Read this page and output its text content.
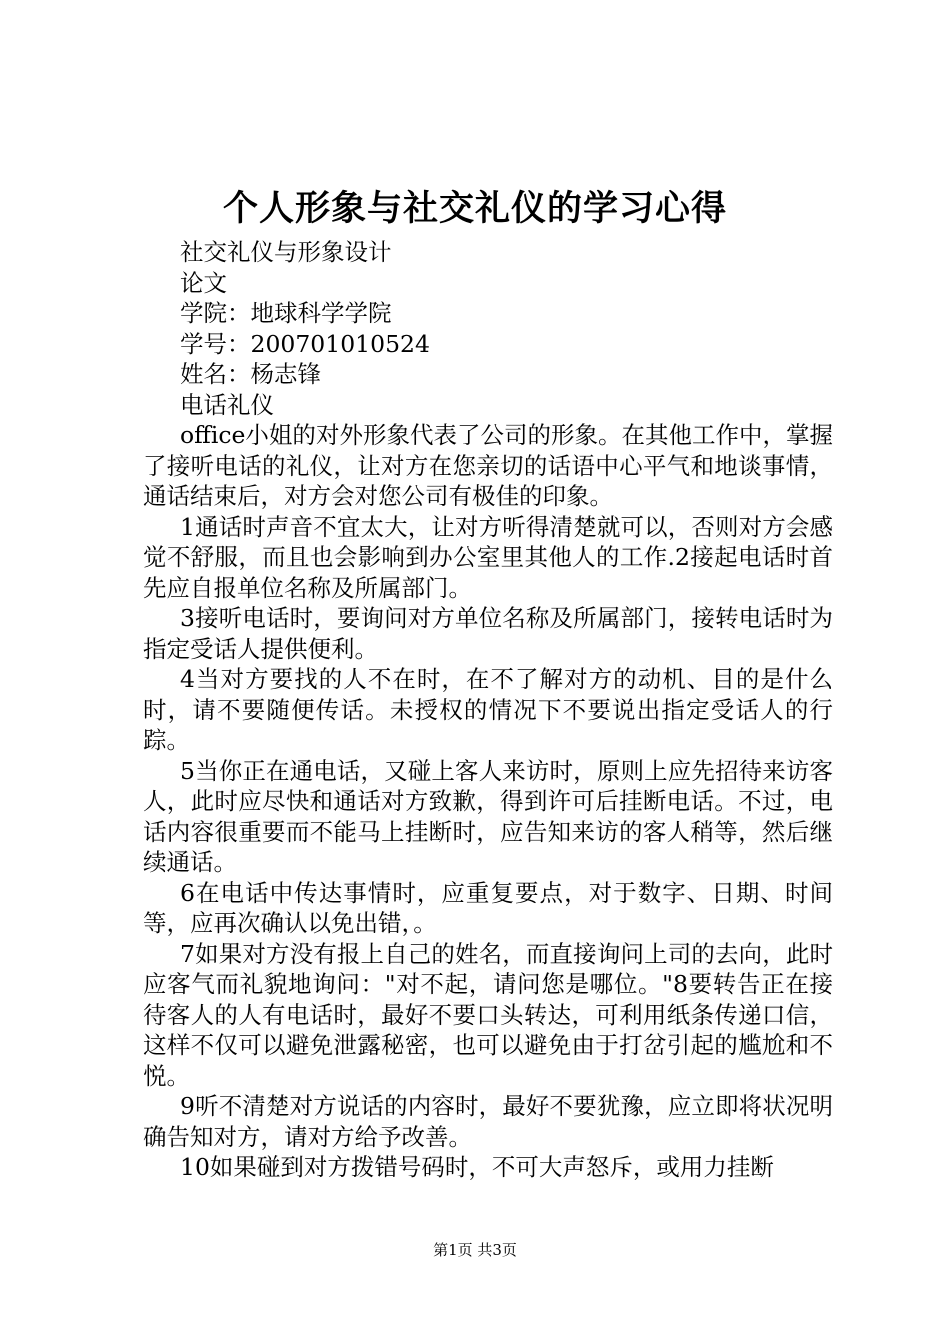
个人形象与社交礼仪的学习心得
社交礼仪与形象设计
论文
学院：地球科学学院
学号：200701010524
姓名：杨志锋
电话礼仪

office小姐的对外形象代表了公司的形象。在其他工作中，掌握了接听电话的礼仪，让对方在您亲切的话语中心平气和地谈事情，通话结束后，对方会对您公司有极佳的印象。

1通话时声音不宜太大，让对方听得清楚就可以，否则对方会感觉不舒服，而且也会影响到办公室里其他人的工作.2接起电话时首先应自报单位名称及所属部门。

3接听电话时，要询问对方单位名称及所属部门，接转电话时为指定受话人提供便利。

4当对方要找的人不在时，在不了解对方的动机、目的是什么时，请不要随便传话。未授权的情况下不要说出指定受话人的行踪。

5当你正在通电话，又碰上客人来访时，原则上应先招待来访客人，此时应尽快和通话对方致歉，得到许可后挂断电话。不过，电话内容很重要而不能马上挂断时，应告知来访的客人稍等，然后继续通话。

6在电话中传达事情时，应重复要点，对于数字、日期、时间等，应再次确认以免出错，。

7如果对方没有报上自己的姓名，而直接询问上司的去向，此时应客气而礼貌地询问："对不起，请问您是哪位。"8要转告正在接待客人的人有电话时，最好不要口头转达，可利用纸条传递口信，这样不仅可以避免泄露秘密，也可以避免由于打岔引起的尴尬和不悦。

9听不清楚对方说话的内容时，最好不要犹豫，应立即将状况明确告知对方，请对方给予改善。

10如果碰到对方拨错号码时，不可大声怒斥，或用力挂断

第1页 共3页
